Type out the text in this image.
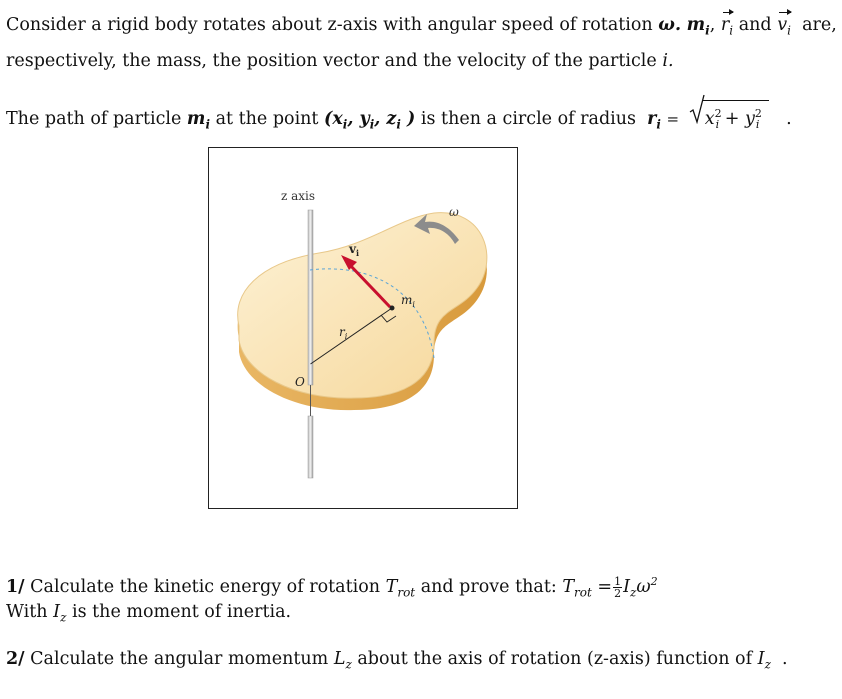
Consider a rigid body rotates about z-axis with angular speed of rotation ω. $m_i$, $r_i$ and $v_i$ are,
respectively, the mass, the position vector and the velocity of the particle i.
The path of particle $m_i$ at the point ($x_i$, $y_i$, $z_i$ ) is then a circle of radius $r_i = x^2_i + y^2_i$ .
z axis
ω
$v_i$
$m_i$
$r_i$
O
1/ Calculate the kinetic energy of rotation $T_{rot}$ and prove that: $T_{rot} = \frac{1}{2} I_z\omega^2$
With $I_z$ is the moment of inertia.
2/ Calculate the angular momentum $L_z$ about the axis of rotation (z-axis) function of $I_z$ .
